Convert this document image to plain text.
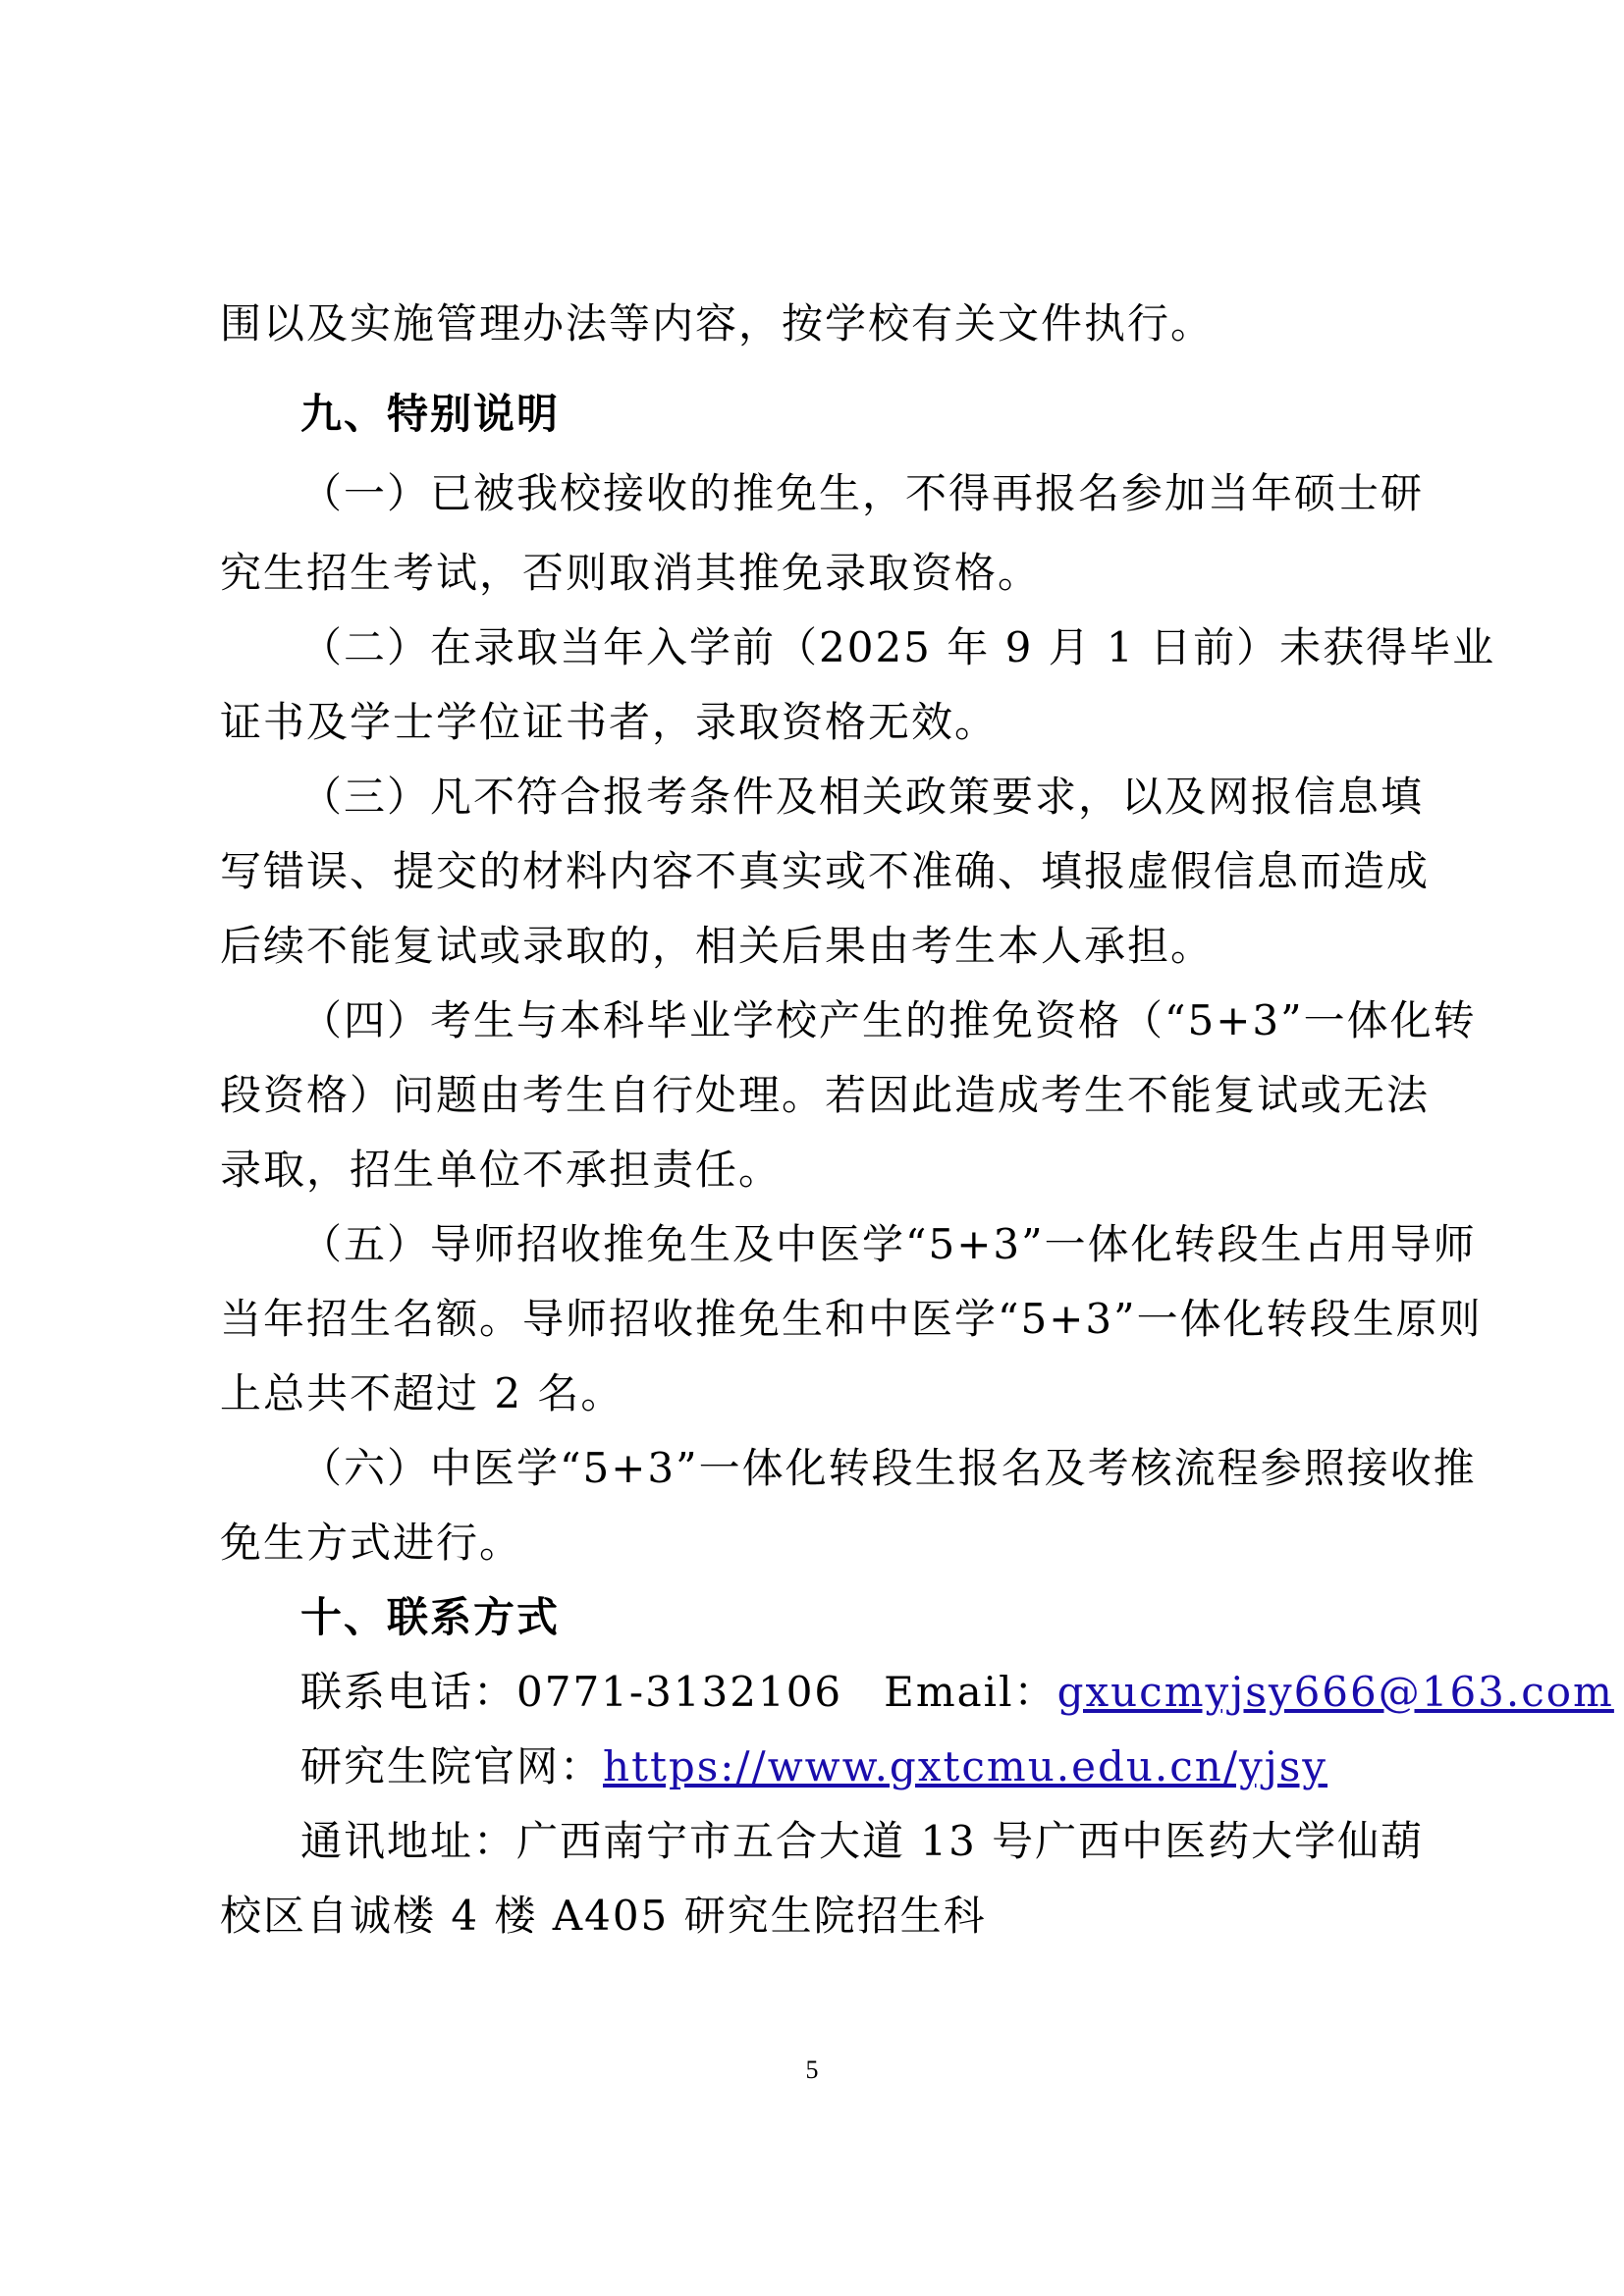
围以及实施管理办法等内容，按学校有关文件执行。
九、特别说明
（一）已被我校接收的推免生，不得再报名参加当年硕士研
究生招生考试，否则取消其推免录取资格。
（二）在录取当年入学前（2025 年 9 月 1 日前）未获得毕业
证书及学士学位证书者，录取资格无效。
（三）凡不符合报考条件及相关政策要求，以及网报信息填
写错误、提交的材料内容不真实或不准确、填报虚假信息而造成
后续不能复试或录取的，相关后果由考生本人承担。
（四）考生与本科毕业学校产生的推免资格（“5+3”一体化转
段资格）问题由考生自行处理。若因此造成考生不能复试或无法
录取，招生单位不承担责任。
（五）导师招收推免生及中医学“5+3”一体化转段生占用导师
当年招生名额。导师招收推免生和中医学“5+3”一体化转段生原则
上总共不超过 2 名。
（六）中医学“5+3”一体化转段生报名及考核流程参照接收推
免生方式进行。
十、联系方式
联系电话：0771-3132106 Email：gxucmyjsy666@163.com
研究生院官网：https://www.gxtcmu.edu.cn/yjsy
通讯地址：广西南宁市五合大道 13 号广西中医药大学仙葫
校区自诚楼 4 楼 A405 研究生院招生科
5
